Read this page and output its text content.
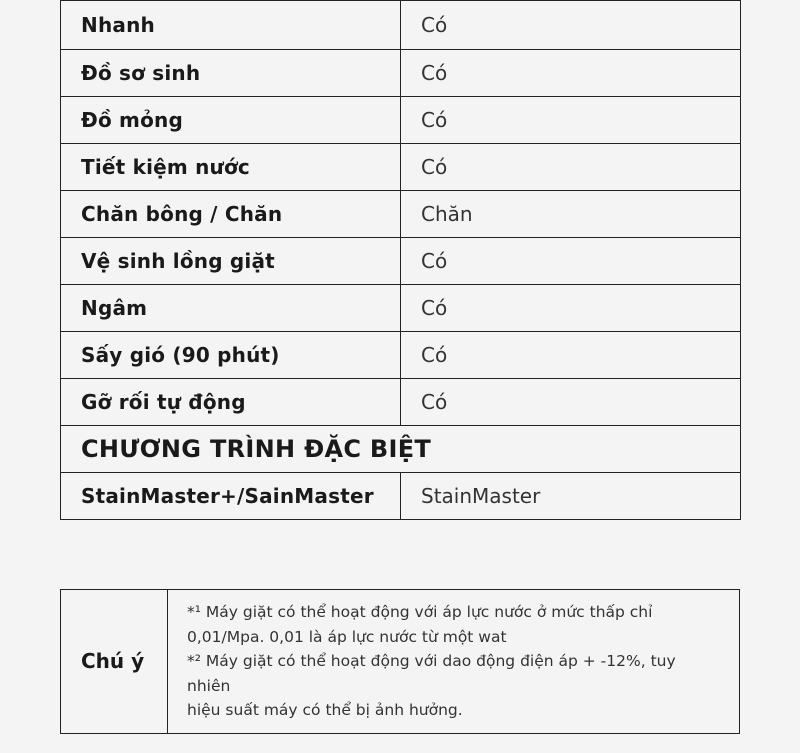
Nhanh	Có
Đồ sơ sinh	Có
Đồ mỏng	Có
Tiết kiệm nước	Có
Chăn bông / Chăn	Chăn
Vệ sinh lồng giặt	Có
Ngâm	Có
Sấy gió (90 phút)	Có
Gỡ rối tự động	Có
CHƯƠNG TRÌNH ĐẶC BIỆT	
StainMaster+/SainMaster	StainMaster
Chú ý	
*¹ Máy giặt có thể hoạt động với áp lực nước ở mức thấp chỉ
0,01/Mpa. 0,01 là áp lực nước từ một wat
*² Máy giặt có thể hoạt động với dao động điện áp + -12%, tuy nhiên
hiệu suất máy có thể bị ảnh hưởng.
